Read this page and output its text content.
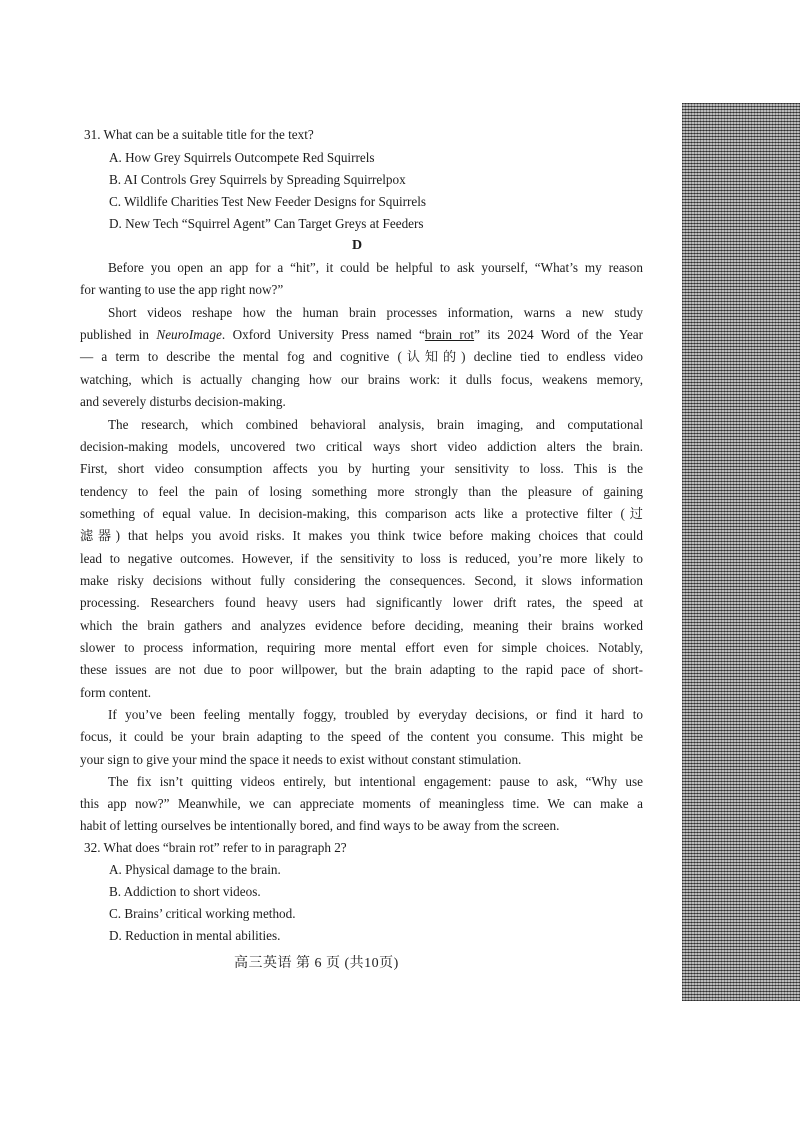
31. What can be a suitable title for the text?
A. How Grey Squirrels Outcompete Red Squirrels
B. AI Controls Grey Squirrels by Spreading Squirrelpox
C. Wildlife Charities Test New Feeder Designs for Squirrels
D. New Tech “Squirrel Agent” Can Target Greys at Feeders
D
Before you open an app for a “hit”, it could be helpful to ask yourself, “What’s my reason
for wanting to use the app right now?”
Short videos reshape how the human brain processes information, warns a new study
published in NeuroImage. Oxford University Press named “brain rot” its 2024 Word of the Year
— a term to describe the mental fog and cognitive (认知的) decline tied to endless video
watching, which is actually changing how our brains work: it dulls focus, weakens memory,
and severely disturbs decision-making.
The research, which combined behavioral analysis, brain imaging, and computational
decision-making models, uncovered two critical ways short video addiction alters the brain.
First, short video consumption affects you by hurting your sensitivity to loss. This is the
tendency to feel the pain of losing something more strongly than the pleasure of gaining
something of equal value. In decision-making, this comparison acts like a protective filter (过
滤器) that helps you avoid risks. It makes you think twice before making choices that could
lead to negative outcomes. However, if the sensitivity to loss is reduced, you’re more likely to
make risky decisions without fully considering the consequences. Second, it slows information
processing. Researchers found heavy users had significantly lower drift rates, the speed at
which the brain gathers and analyzes evidence before deciding, meaning their brains worked
slower to process information, requiring more mental effort even for simple choices. Notably,
these issues are not due to poor willpower, but the brain adapting to the rapid pace of short-
form content.
If you’ve been feeling mentally foggy, troubled by everyday decisions, or find it hard to
focus, it could be your brain adapting to the speed of the content you consume. This might be
your sign to give your mind the space it needs to exist without constant stimulation.
The fix isn’t quitting videos entirely, but intentional engagement: pause to ask, “Why use
this app now?” Meanwhile, we can appreciate moments of meaningless time. We can make a
habit of letting ourselves be intentionally bored, and find ways to be away from the screen.
32. What does “brain rot” refer to in paragraph 2?
A. Physical damage to the brain.
B. Addiction to short videos.
C. Brains’ critical working method.
D. Reduction in mental abilities.
高三英语 第 6 页 (共10页)
